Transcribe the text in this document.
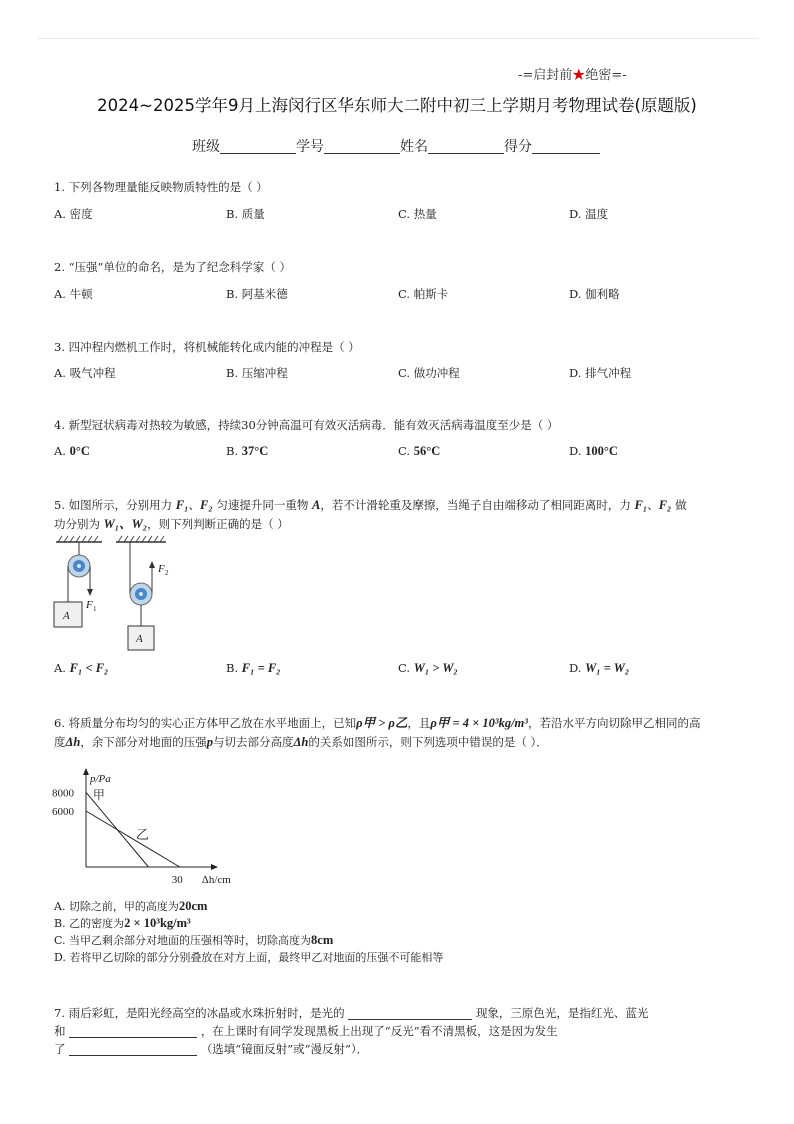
-=启封前★绝密=-
2024~2025学年9月上海闵行区华东师大二附中初三上学期月考物理试卷(原题版)
班级	学号	姓名	得分
1. 下列各物理量能反映物质特性的是（ ）
A. 密度	B. 质量	C. 热量	D. 温度
2. “压强”单位的命名，是为了纪念科学家（ ）
A. 牛顿	B. 阿基米德	C. 帕斯卡	D. 伽利略
3. 四冲程内燃机工作时，将机械能转化成内能的冲程是（ ）
A. 吸气冲程	B. 压缩冲程	C. 做功冲程	D. 排气冲程
4. 新型冠状病毒对热较为敏感，持续30分钟高温可有效灭活病毒．能有效灭活病毒温度至少是（ ）
A. 0°C	B. 37°C	C. 56°C	D. 100°C
5. 如图所示，分别用力 F₁、F₂ 匀速提升同一重物 A，若不计滑轮重及摩擦，当绳子自由端移动了相同距离时，力 F₁、F₂ 做
功分别为 W₁、W₂，则下列判断正确的是（ ）
F 1
A
F 2
A
A. F₁ < F₂	B. F₁ = F₂	C. W₁ > W₂	D. W₁ = W₂
6. 将质量分布均匀的实心正方体甲乙放在水平地面上，已知ρ甲 > ρ乙，且ρ甲 = 4 × 10³kg/m³，若沿水平方向切除甲乙相同的高
度Δh，余下部分对地面的压强p与切去部分高度Δh的关系如图所示，则下列选项中错误的是（ ）．
p/Pa
Δh/cm
8000
6000
30
甲
乙
A. 切除之前，甲的高度为20cm
B. 乙的密度为2 × 10³kg/m³
C. 当甲乙剩余部分对地面的压强相等时，切除高度为8cm
D. 若将甲乙切除的部分分别叠放在对方上面，最终甲乙对地面的压强不可能相等
7. 雨后彩虹，是阳光经高空的冰晶或水珠折射时，是光的	现象，三原色光，是指红光、蓝光
和	，在上课时有同学发现黑板上出现了“反光”看不清黑板，这是因为发生
了	（选填“镜面反射”或“漫反射”）．
